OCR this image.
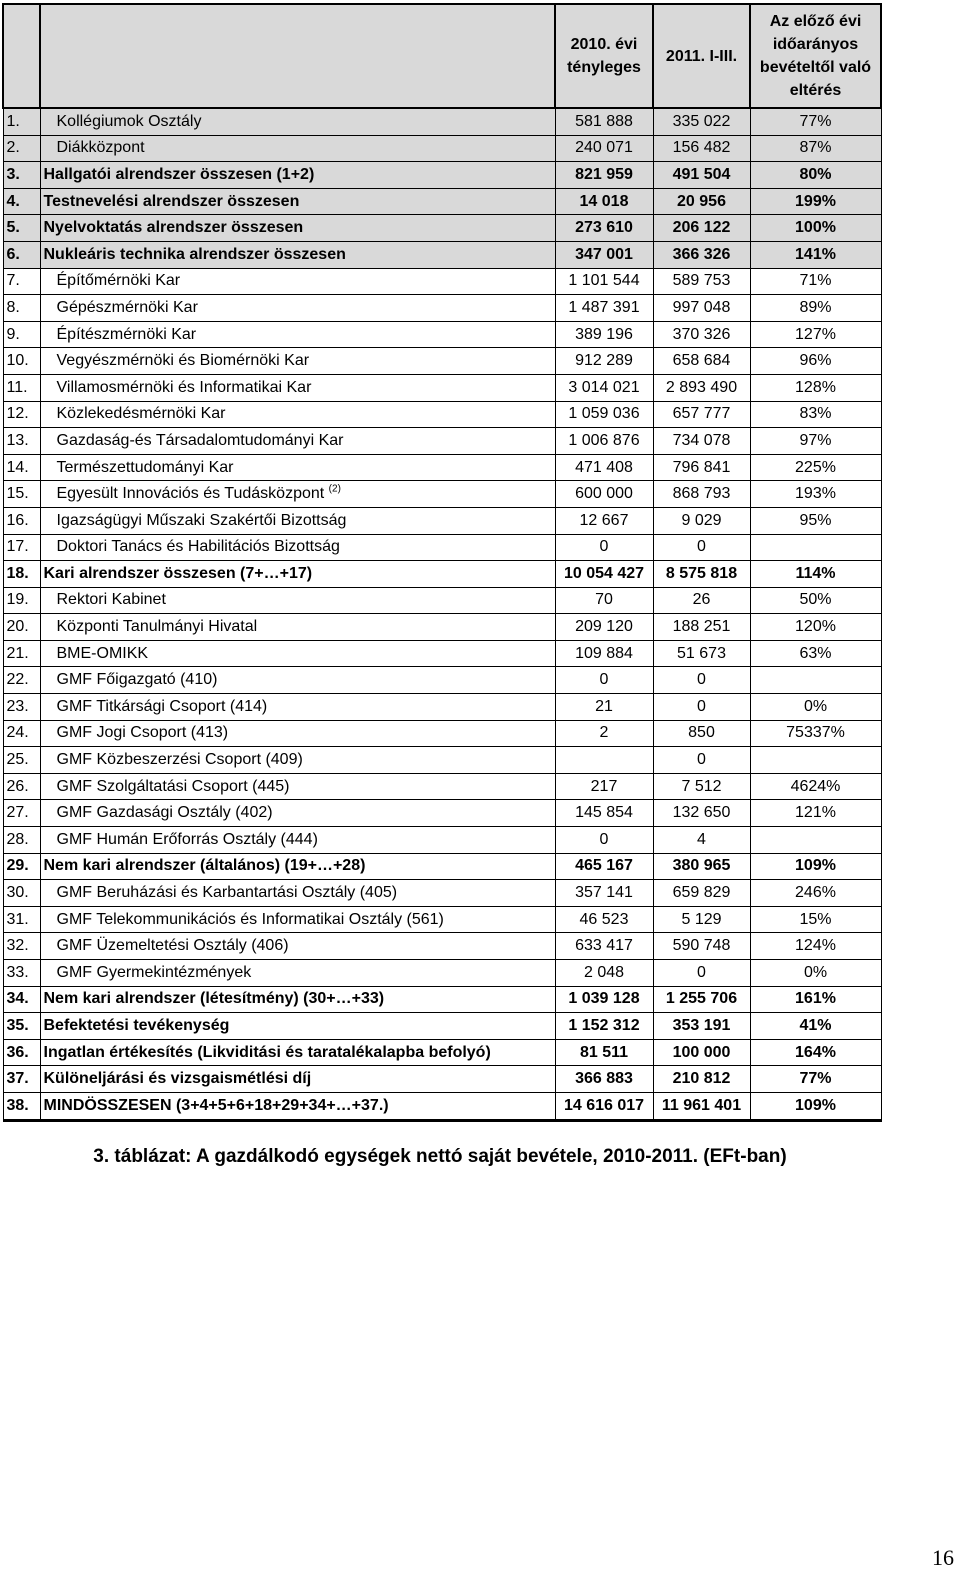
		2010. évi tényleges	2011. I-III.	Az előző évi időarányos bevételtől való eltérés
1.	Kollégiumok Osztály	581 888	335 022	77%
2.	Diákközpont	240 071	156 482	87%
3.	Hallgatói alrendszer összesen (1+2)	821 959	491 504	80%
4.	Testnevelési alrendszer összesen	14 018	20 956	199%
5.	Nyelvoktatás alrendszer összesen	273 610	206 122	100%
6.	Nukleáris technika alrendszer összesen	347 001	366 326	141%
7.	Építőmérnöki Kar	1 101 544	589 753	71%
8.	Gépészmérnöki Kar	1 487 391	997 048	89%
9.	Építészmérnöki Kar	389 196	370 326	127%
10.	Vegyészmérnöki és Biomérnöki Kar	912 289	658 684	96%
11.	Villamosmérnöki és Informatikai Kar	3 014 021	2 893 490	128%
12.	Közlekedésmérnöki Kar	1 059 036	657 777	83%
13.	Gazdaság-és Társadalomtudományi Kar	1 006 876	734 078	97%
14.	Természettudományi Kar	471 408	796 841	225%
15.	Egyesült Innovációs és Tudásközpont $^{(2)}$	600 000	868 793	193%
16.	Igazságügyi Műszaki Szakértői Bizottság	12 667	9 029	95%
17.	Doktori Tanács és Habilitációs Bizottság	0	0	
18.	Kari alrendszer összesen (7+…+17)	10 054 427	8 575 818	114%
19.	Rektori Kabinet	70	26	50%
20.	Központi Tanulmányi Hivatal	209 120	188 251	120%
21.	BME-OMIKK	109 884	51 673	63%
22.	GMF Főigazgató (410)	0	0	
23.	GMF Titkársági Csoport (414)	21	0	0%
24.	GMF Jogi Csoport (413)	2	850	75337%
25.	GMF Közbeszerzési Csoport (409)		0	
26.	GMF Szolgáltatási Csoport (445)	217	7 512	4624%
27.	GMF Gazdasági Osztály (402)	145 854	132 650	121%
28.	GMF Humán Erőforrás Osztály (444)	0	4	
29.	Nem kari alrendszer (általános) (19+…+28)	465 167	380 965	109%
30.	GMF Beruházási és Karbantartási Osztály (405)	357 141	659 829	246%
31.	GMF Telekommunikációs és Informatikai Osztály (561)	46 523	5 129	15%
32.	GMF Üzemeltetési Osztály (406)	633 417	590 748	124%
33.	GMF Gyermekintézmények	2 048	0	0%
34.	Nem kari alrendszer (létesítmény) (30+…+33)	1 039 128	1 255 706	161%
35.	Befektetési tevékenység	1 152 312	353 191	41%
36.	Ingatlan értékesítés (Likviditási és taratalékalapba befolyó)	81 511	100 000	164%
37.	Különeljárási és vizsgaismétlési díj	366 883	210 812	77%
38.	MINDÖSSZESEN (3+4+5+6+18+29+34+…+37.)	14 616 017	11 961 401	109%
3. táblázat: A gazdálkodó egységek nettó saját bevétele, 2010-2011. (EFt-ban)
16
